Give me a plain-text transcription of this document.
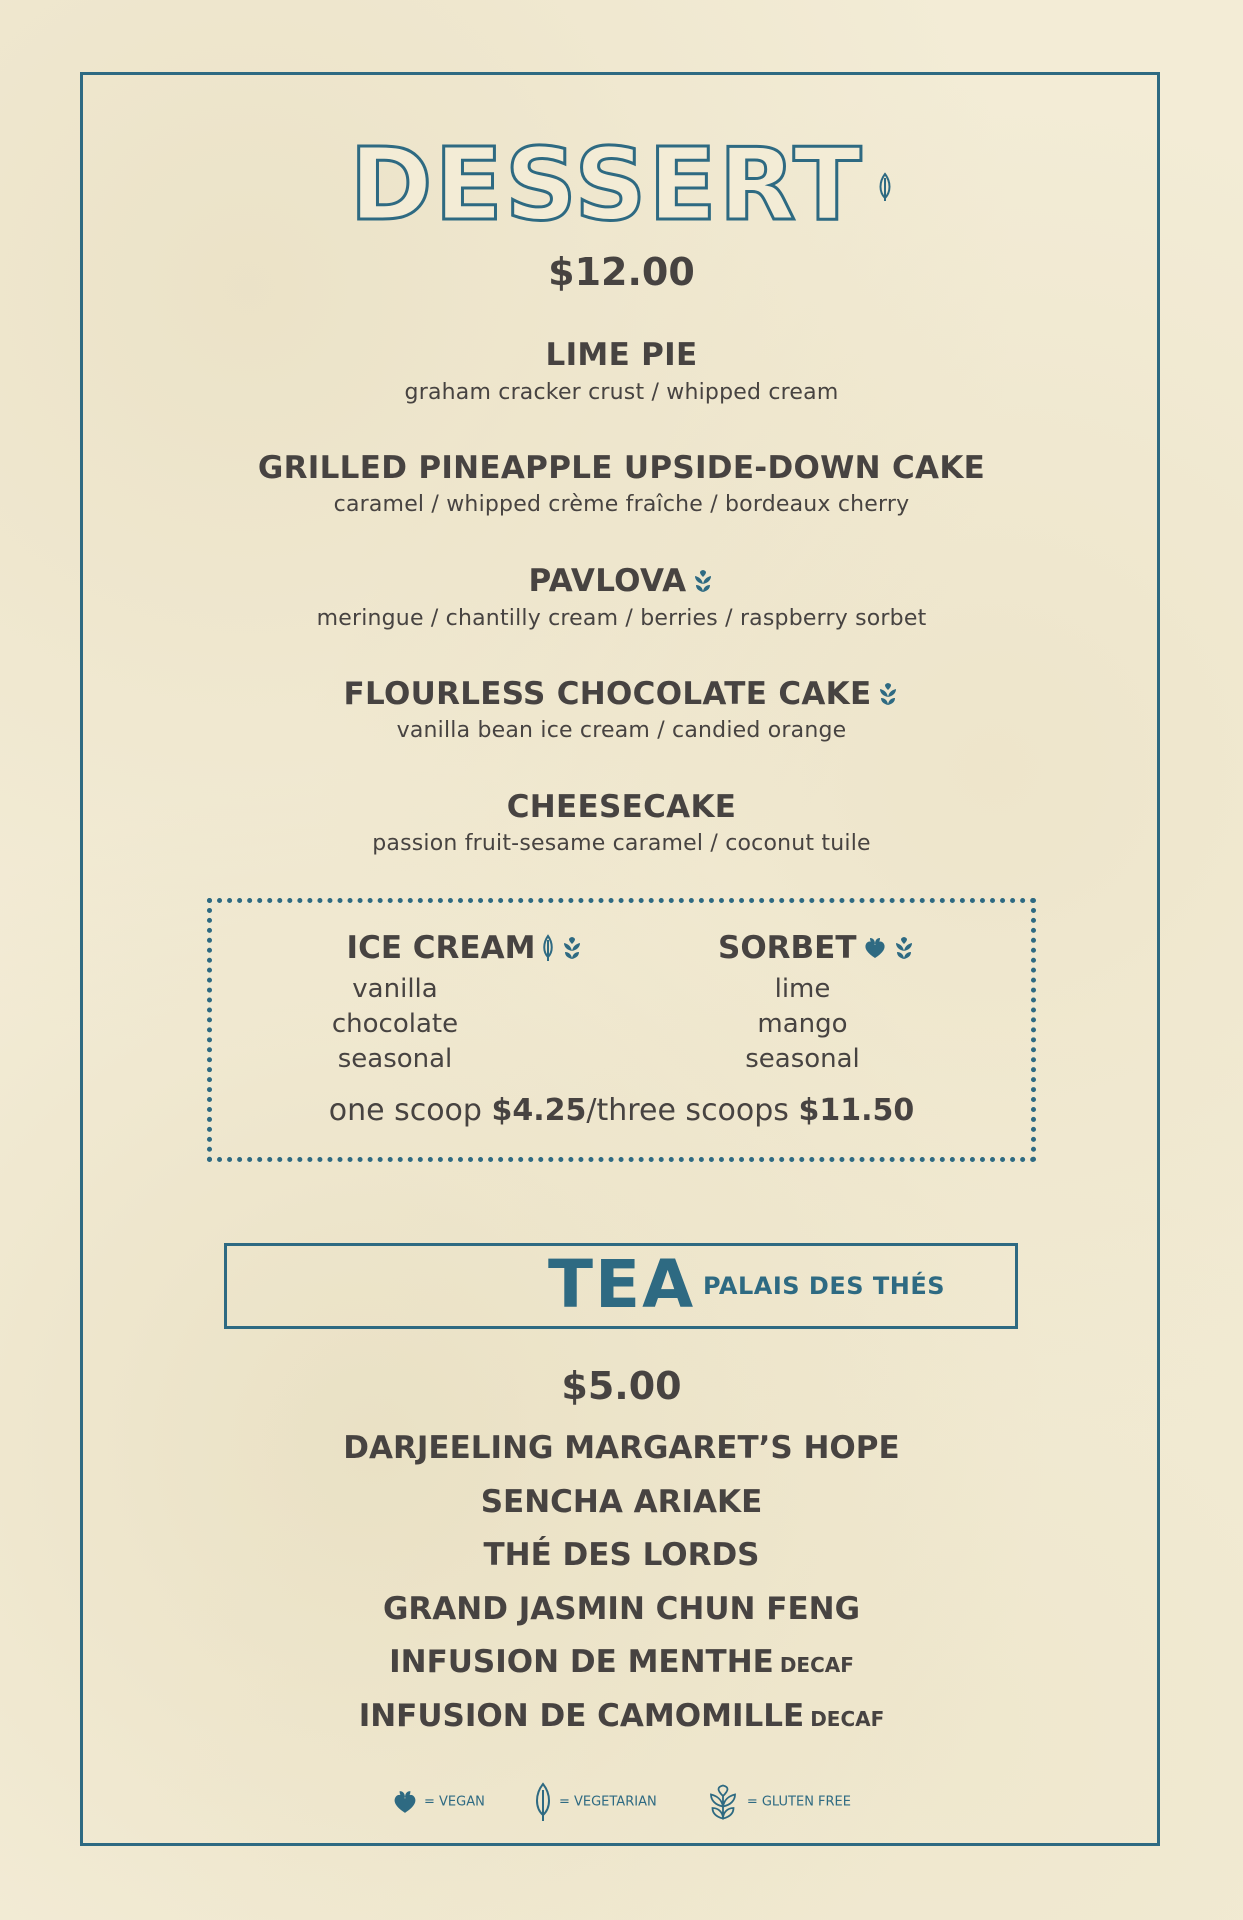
DESSERT
$12.00
LIME PIE
graham cracker crust / whipped cream
GRILLED PINEAPPLE UPSIDE-DOWN CAKE
caramel / whipped crème fraîche / bordeaux cherry
PAVLOVA
meringue / chantilly cream / berries / raspberry sorbet
FLOURLESS CHOCOLATE CAKE
vanilla bean ice cream / candied orange
CHEESECAKE
passion fruit-sesame caramel / coconut tuile
ICE CREAM
vanilla
chocolate
seasonal
SORBET
lime
mango
seasonal
one scoop $4.25/three scoops $11.50
TEA PALAIS DES THÉS
$5.00
DARJEELING MARGARET’S HOPE
SENCHA ARIAKE
THÉ DES LORDS
GRAND JASMIN CHUN FENG
INFUSION DE MENTHE DECAF
INFUSION DE CAMOMILLE DECAF
= VEGAN	= VEGETARIAN	= GLUTEN FREE
